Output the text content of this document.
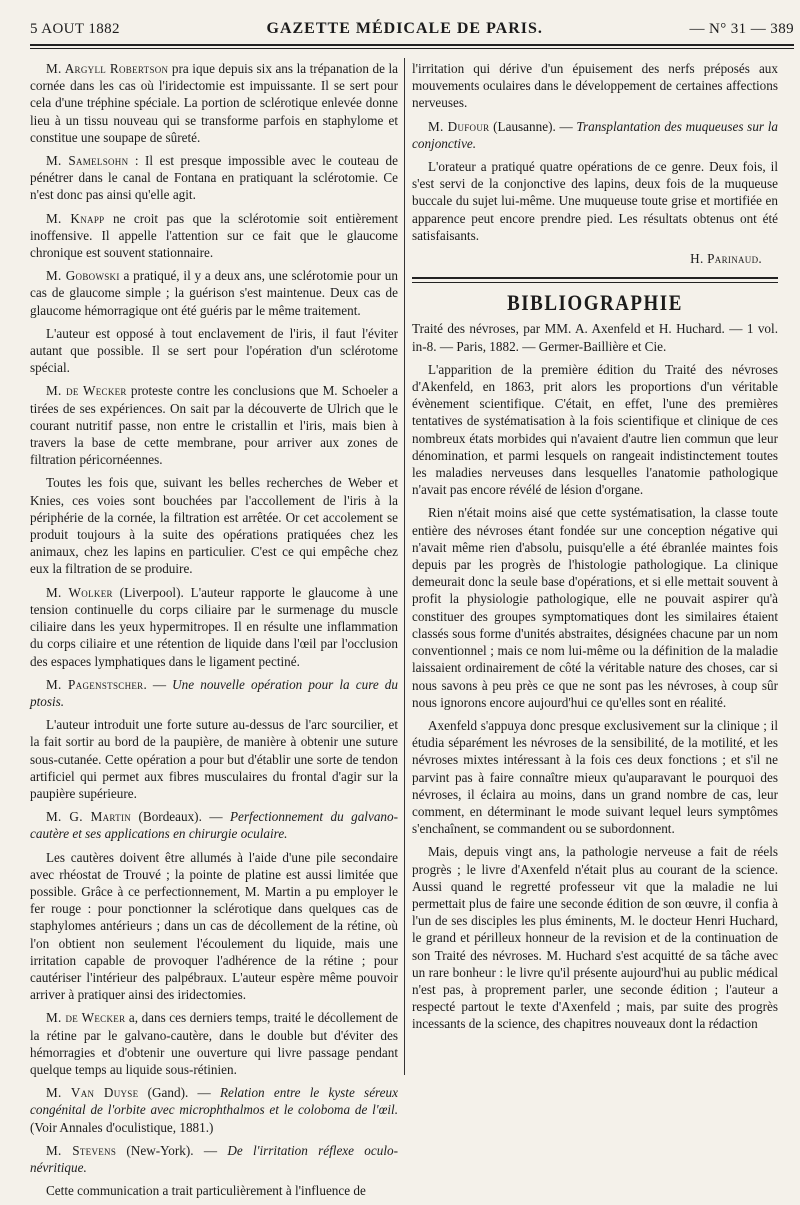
5 AOUT 1882	GAZETTE MÉDICALE DE PARIS.	— N° 31 — 389

M. Argyll Robertson pra ique depuis six ans la trépanation de la cornée dans les cas où l'iridectomie est impuissante. Il se sert pour cela d'une tréphine spéciale. La portion de sclérotique enlevée donne lieu à un tissu nouveau qui se transforme parfois en staphylome et constitue une soupape de sûreté.

M. Samelsohn : Il est presque impossible avec le couteau de pénétrer dans le canal de Fontana en pratiquant la sclérotomie. Ce n'est donc pas ainsi qu'elle agit.

M. Knapp ne croit pas que la sclérotomie soit entièrement inoffensive. Il appelle l'attention sur ce fait que le glaucome chronique est souvent stationnaire.

M. Gobowski a pratiqué, il y a deux ans, une sclérotomie pour un cas de glaucome simple ; la guérison s'est maintenue. Deux cas de glaucome hémorragique ont été guéris par le même traitement.

L'auteur est opposé à tout enclavement de l'iris, il faut l'éviter autant que possible. Il se sert pour l'opération d'un sclérotome spécial.

M. de Wecker proteste contre les conclusions que M. Schoeler a tirées de ses expériences. On sait par la découverte de Ulrich que le courant nutritif passe, non entre le cristallin et l'iris, mais bien à travers la base de cette membrane, pour arriver aux zones de filtration péricornéennes.

Toutes les fois que, suivant les belles recherches de Weber et Knies, ces voies sont bouchées par l'accollement de l'iris à la périphérie de la cornée, la filtration est arrêtée. Or cet accolement se produit toujours à la suite des opérations pratiquées chez les animaux, chez les lapins en particulier. C'est ce qui empêche chez eux la filtration de se produire.

M. Wolker (Liverpool). L'auteur rapporte le glaucome à une tension continuelle du corps ciliaire par le surmenage du muscle ciliaire dans les yeux hypermitropes. Il en résulte une inflammation du corps ciliaire et une rétention de liquide dans l'œil par l'occlusion des espaces lymphatiques dans le ligament pectiné.

M. Pagenstscher. — Une nouvelle opération pour la cure du ptosis.

L'auteur introduit une forte suture au-dessus de l'arc sourcilier, et la fait sortir au bord de la paupière, de manière à obtenir une suture sous-cutanée. Cette opération a pour but d'établir une sorte de tendon artificiel qui permet aux fibres musculaires du frontal d'agir sur la paupière supérieure.

M. G. Martin (Bordeaux). — Perfectionnement du galvano-cautère et ses applications en chirurgie oculaire.

Les cautères doivent être allumés à l'aide d'une pile secondaire avec rhéostat de Trouvé ; la pointe de platine est aussi limitée que possible. Grâce à ce perfectionnement, M. Martin a pu employer le fer rouge : pour ponctionner la sclérotique dans quelques cas de staphylomes antérieurs ; dans un cas de décollement de la rétine, où l'on obtient non seulement l'écoulement du liquide, mais une irritation capable de provoquer l'adhérence de la rétine ; pour cautériser l'intérieur des palpébraux. L'auteur espère même pouvoir arriver à pratiquer ainsi des iridectomies.

M. de Wecker a, dans ces derniers temps, traité le décollement de la rétine par le galvano-cautère, dans le double but d'éviter des hémorragies et d'obtenir une ouverture qui livre passage pendant quelque temps au liquide sous-rétinien.

M. Van Duyse (Gand). — Relation entre le kyste séreux congénital de l'orbite avec microphthalmos et le coloboma de l'œil. (Voir Annales d'oculistique, 1881.)

M. Stevens (New-York). — De l'irritation réflexe oculo-névritique.

Cette communication a trait particulièrement à l'influence de

l'irritation qui dérive d'un épuisement des nerfs préposés aux mouvements oculaires dans le développement de certaines affections nerveuses.

M. Dufour (Lausanne). — Transplantation des muqueuses sur la conjonctive.

L'orateur a pratiqué quatre opérations de ce genre. Deux fois, il s'est servi de la conjonctive des lapins, deux fois de la muqueuse buccale du sujet lui-même. Une muqueuse toute grise et mortifiée en apparence peut encore prendre pied. Les résultats obtenus ont été satisfaisants.

H. Parinaud.
BIBLIOGRAPHIE

Traité des névroses, par MM. A. Axenfeld et H. Huchard. — 1 vol. in-8. — Paris, 1882. — Germer-Baillière et Cie.

L'apparition de la première édition du Traité des névroses d'Akenfeld, en 1863, prit alors les proportions d'un véritable évènement scientifique. C'était, en effet, l'une des premières tentatives de systématisation à la fois scientifique et clinique de ces nombreux états morbides qui n'avaient d'autre lien commun que leur dénomination, et parmi lesquels on rangeait indistinctement toutes les maladies nerveuses dans lesquelles l'anatomie pathologique n'avait pas encore révélé de lésion d'organe.

Rien n'était moins aisé que cette systématisation, la classe toute entière des névroses étant fondée sur une conception négative qui n'avait même rien d'absolu, puisqu'elle a été ébranlée maintes fois depuis par les progrès de l'histologie pathologique. La clinique demeurait donc la seule base d'opérations, et si elle mettait souvent à profit la physiologie pathologique, elle ne pouvait aspirer qu'à constituer des groupes symptomatiques dont les similaires étaient classés sous forme d'unités abstraites, désignées chacune par un nom conventionnel ; mais ce nom lui-même ou la définition de la maladie laissaient ordinairement de côté la véritable nature des choses, car si nous savons à peu près ce que ne sont pas les névroses, à coup sûr nous ignorons encore aujourd'hui ce qu'elles sont en réalité.

Axenfeld s'appuya donc presque exclusivement sur la clinique ; il étudia séparément les névroses de la sensibilité, de la motilité, et les névroses mixtes intéressant à la fois ces deux fonctions ; et s'il ne parvint pas à faire connaître mieux qu'auparavant le pourquoi des névroses, il éclaira au moins, dans un grand nombre de cas, leur comment, en déterminant le mode suivant lequel leurs symptômes s'enchaînent, se commandent ou se subordonnent.

Mais, depuis vingt ans, la pathologie nerveuse a fait de réels progrès ; le livre d'Axenfeld n'était plus au courant de la science. Aussi quand le regretté professeur vit que la maladie ne lui permettait plus de faire une seconde édition de son œuvre, il confia à l'un de ses disciples les plus éminents, M. le docteur Henri Huchard, le grand et périlleux honneur de la revision et de la continuation de son Traité des névroses. M. Huchard s'est acquitté de sa tâche avec un rare bonheur : le livre qu'il présente aujourd'hui au public médical n'est pas, à proprement parler, une seconde édition ; l'auteur a respecté partout le texte d'Axenfeld ; mais, par suite des progrès incessants de la science, des chapitres nouveaux dont la rédaction
